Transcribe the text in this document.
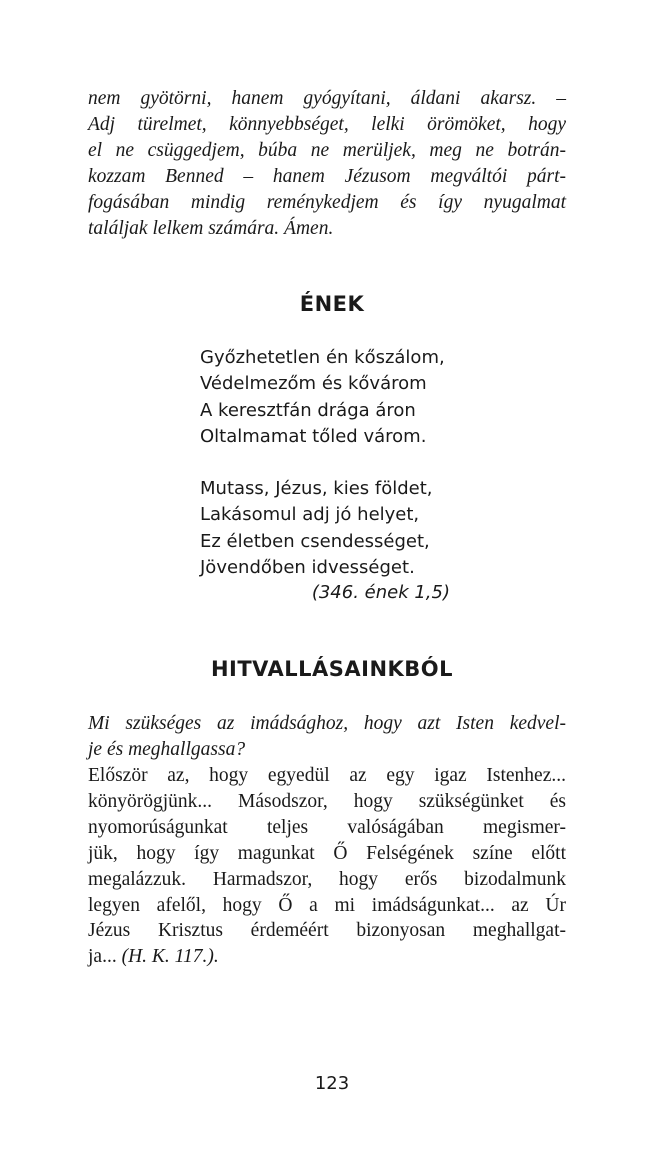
nem gyötörni, hanem gyógyítani, áldani akarsz. –
Adj türelmet, könnyebbséget, lelki örömöket, hogy
el ne csüggedjem, búba ne merüljek, meg ne botrán-
kozzam Benned – hanem Jézusom megváltói párt-
fogásában mindig reménykedjem és így nyugalmat
találjak lelkem számára. Ámen.
ÉNEK
Győzhetetlen én kőszálom,
Védelmezőm és kővárom
A keresztfán drága áron
Oltalmamat tőled várom.
Mutass, Jézus, kies földet,
Lakásomul adj jó helyet,
Ez életben csendességet,
Jövendőben idvességet.
(346. ének 1,5)
HITVALLÁSAINKBÓL
Mi szükséges az imádsághoz, hogy azt Isten kedvel-
je és meghallgassa?
Először az, hogy egyedül az egy igaz Istenhez...
könyörögjünk... Másodszor, hogy szükségünket és
nyomorúságunkat teljes valóságában megismer-
jük, hogy így magunkat Ő Felségének színe előtt
megalázzuk. Harmadszor, hogy erős bizodalmunk
legyen afelől, hogy Ő a mi imádságunkat... az Úr
Jézus Krisztus érdeméért bizonyosan meghallgat-
ja... (H. K. 117.).
123
